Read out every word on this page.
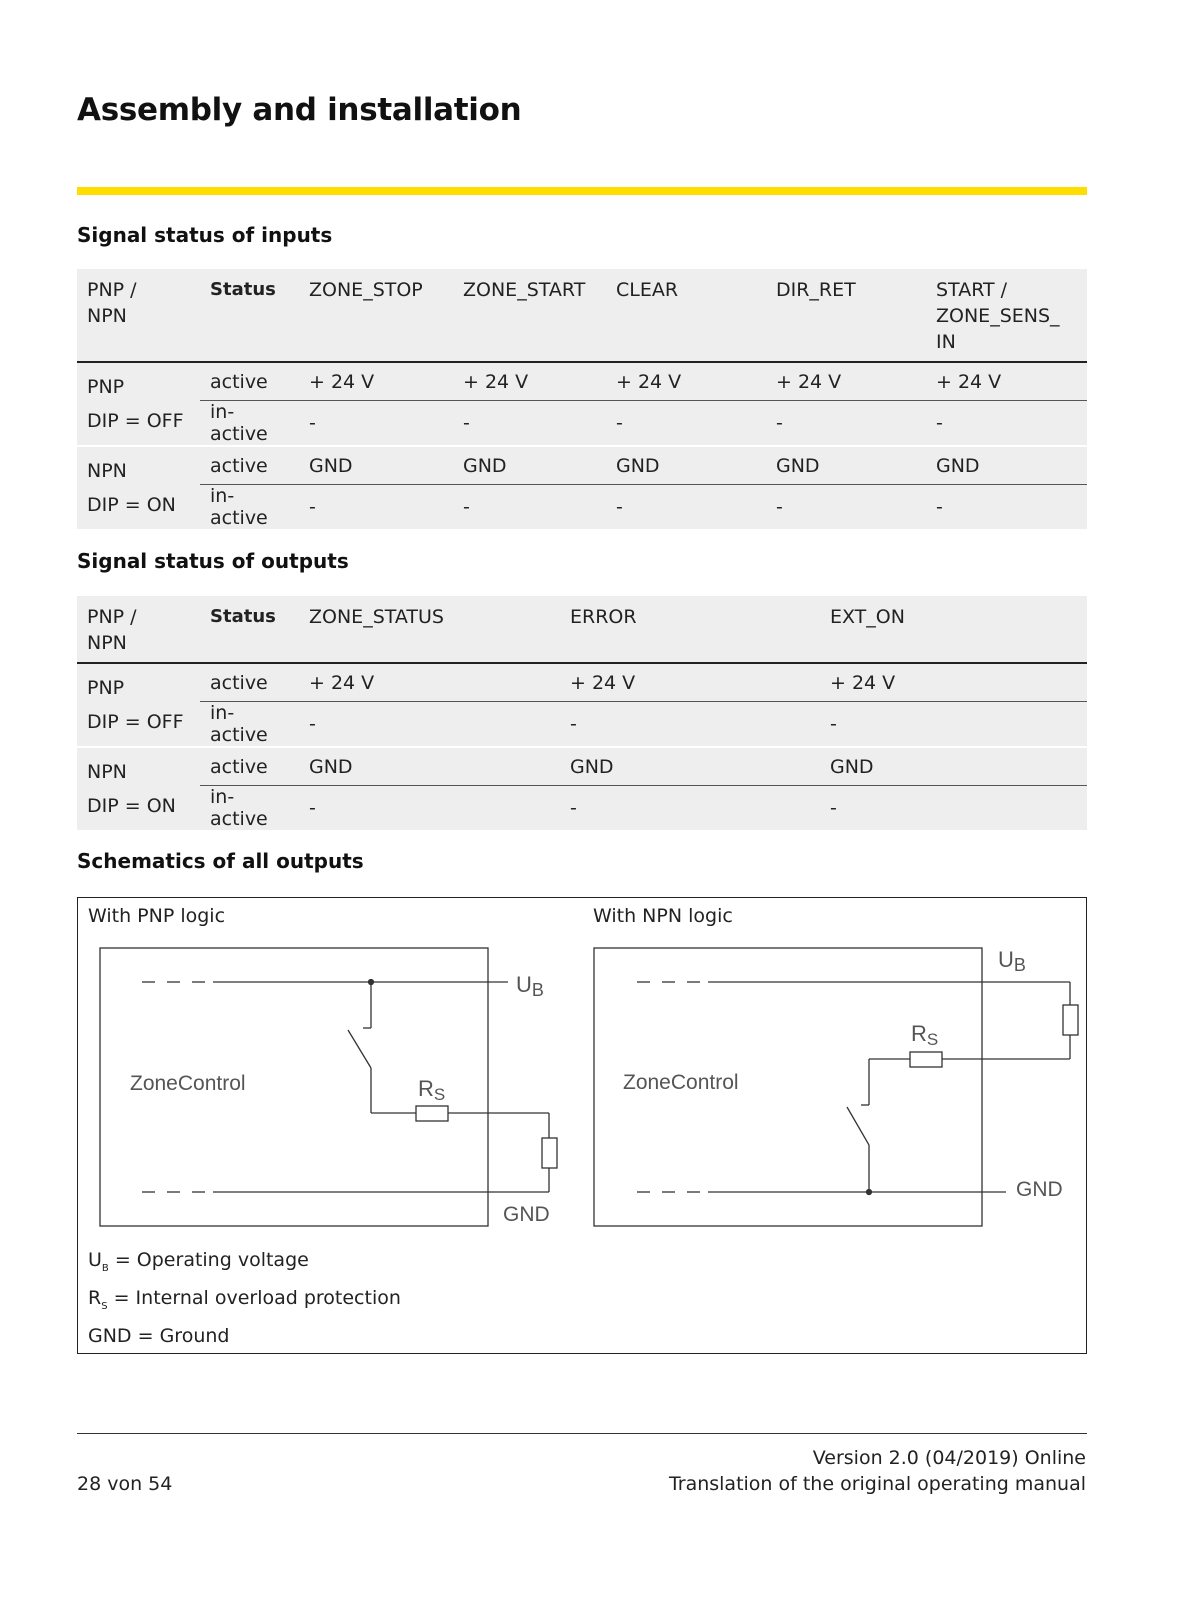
Assembly and installation
Signal status of inputs
PNP /
NPN	Status	ZONE_STOP	ZONE_START	CLEAR	DIR_RET	START /
ZONE_SENS_
IN

PNP
DIP = OFF	active	+ 24 V	+ 24 V	+ 24 V	+ 24 V	+ 24 V
	in-active	-	-	-	-	-

NPN
DIP = ON	active	GND	GND	GND	GND	GND
	in-active	-	-	-	-	-
Signal status of outputs
PNP /
NPN	Status	ZONE_STATUS	ERROR	EXT_ON

PNP
DIP = OFF	active	+ 24 V	+ 24 V	+ 24 V
	in-active	-	-	-

NPN
DIP = ON	active	GND	GND	GND
	in-active	-	-	-
Schematics of all outputs
With PNP logic	With NPN logic
ZoneControl
UB
RS
GND
ZoneControl
UB
RS
GND
$U_B$ = Operating voltage
$R_S$ = Internal overload protection
GND = Ground
Version 2.0 (04/2019) Online
28 von 54	Translation of the original operating manual
